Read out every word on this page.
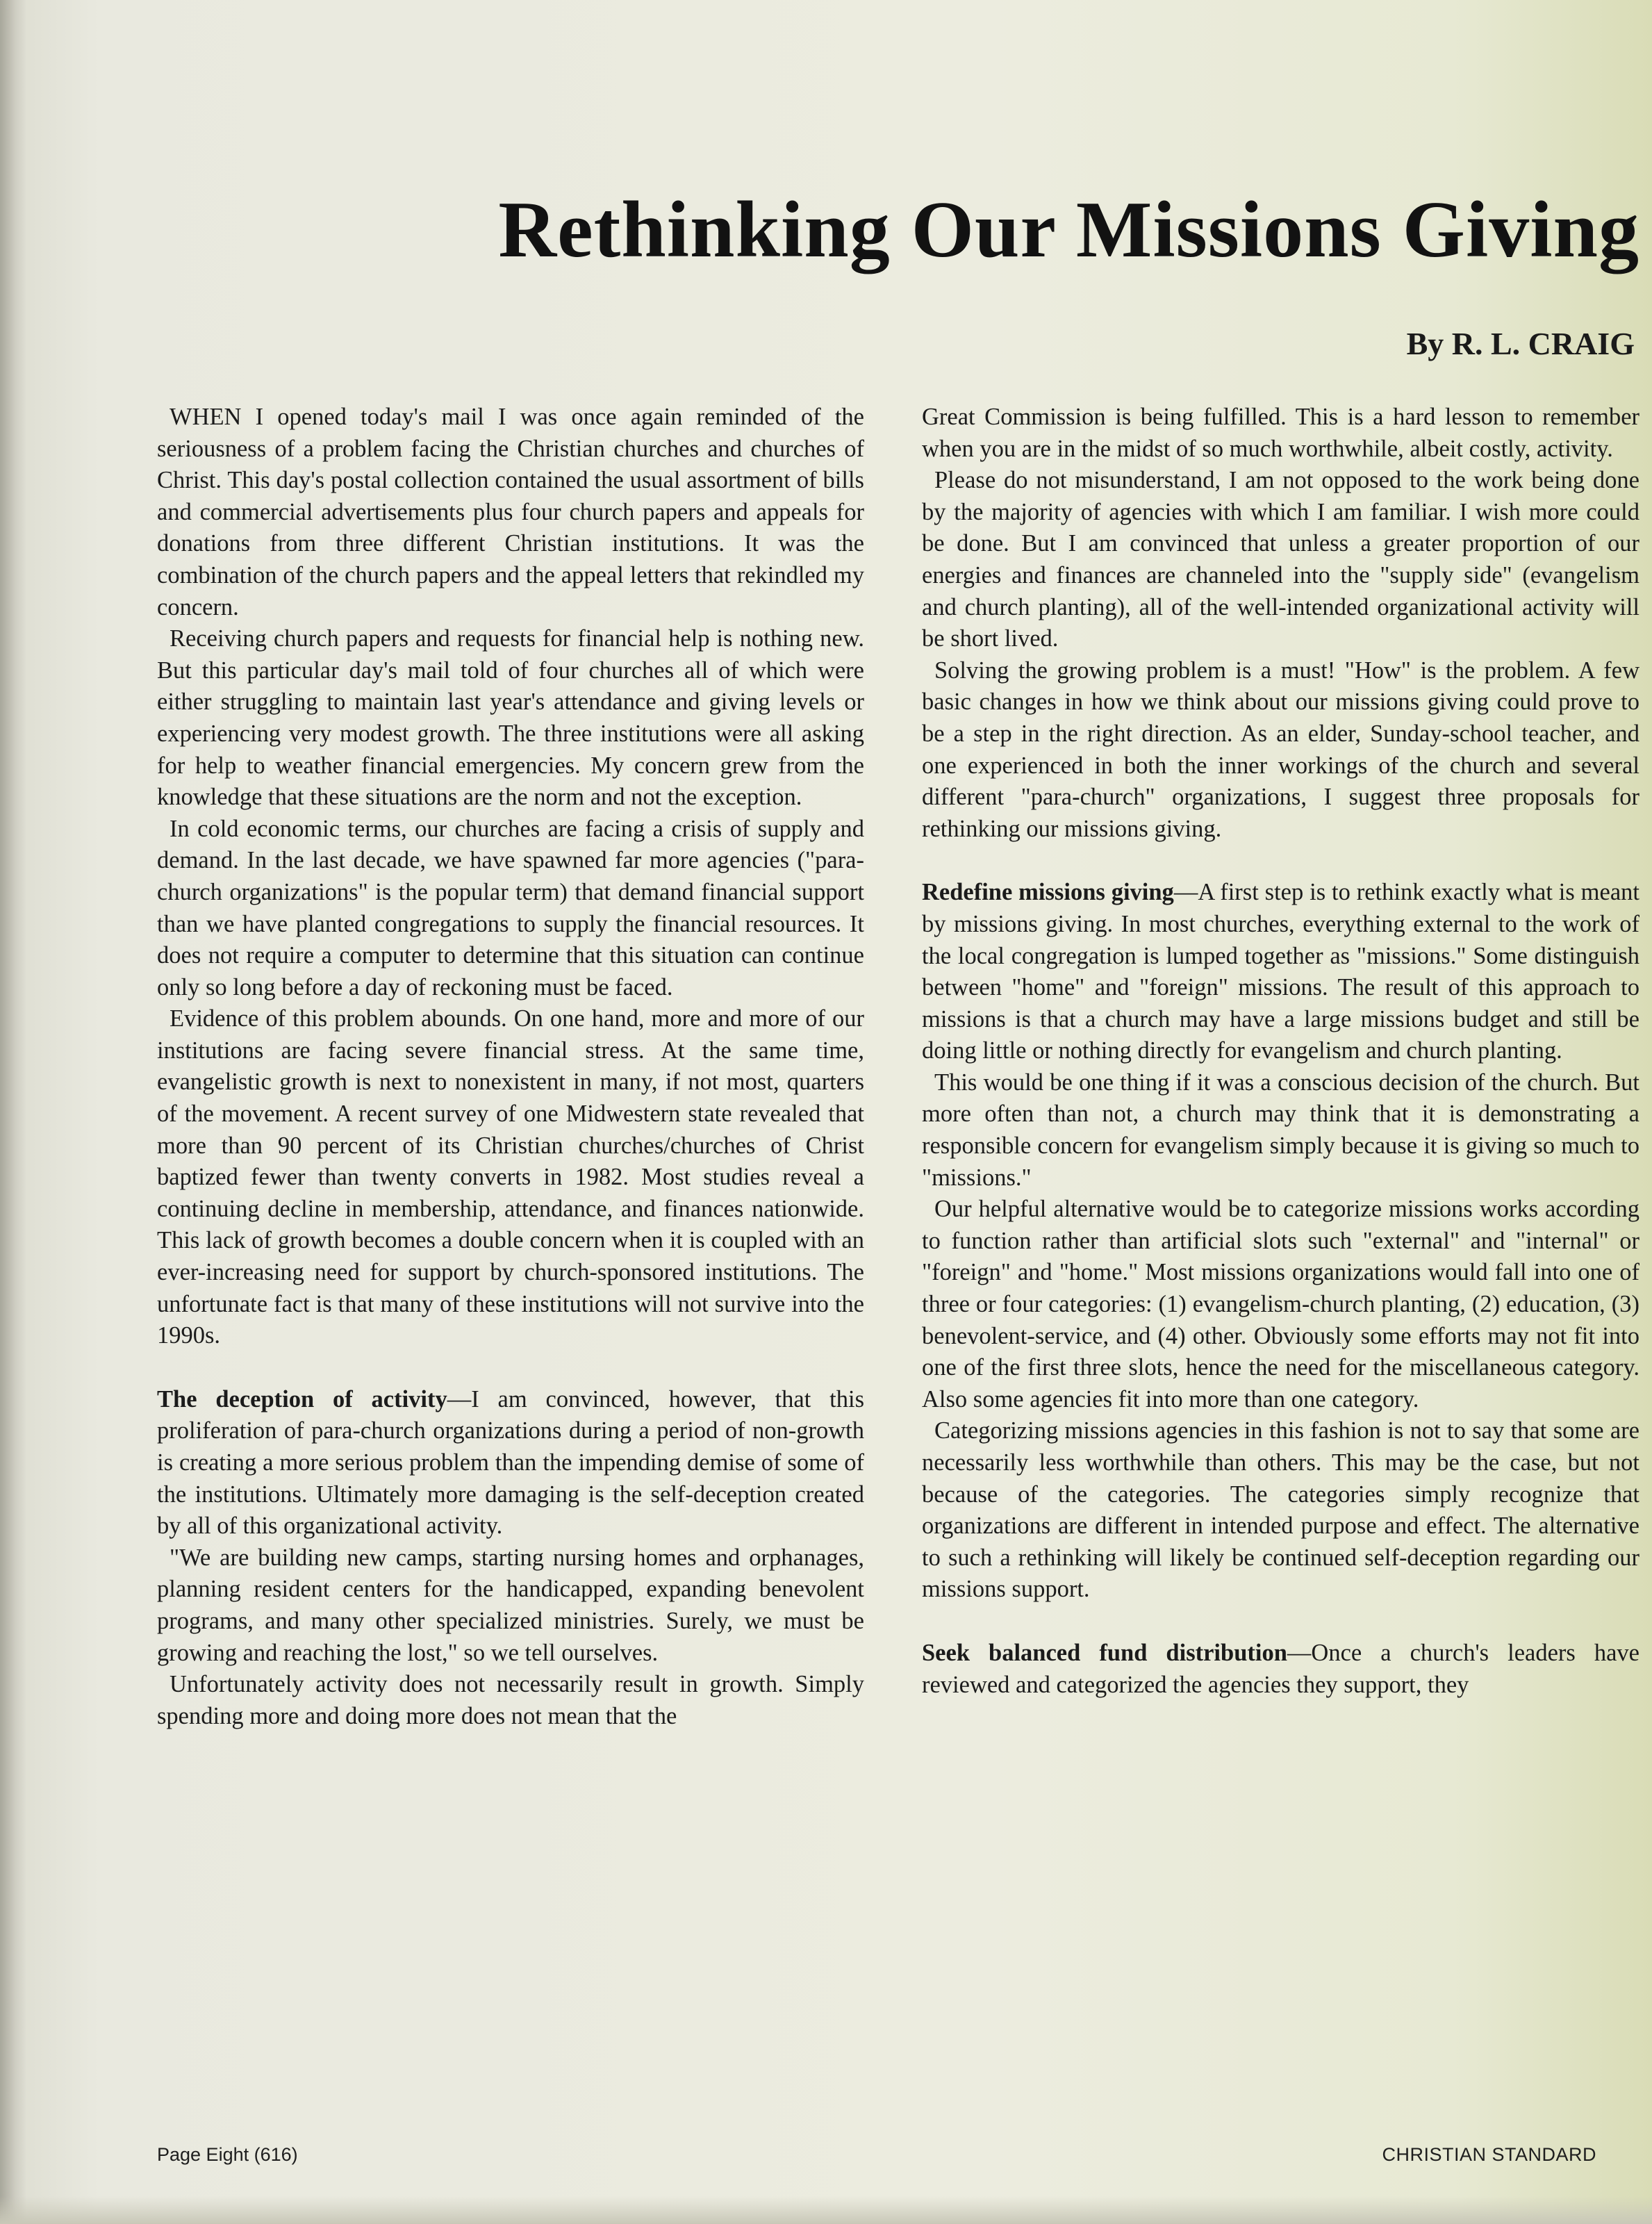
Rethinking Our Missions Giving
By R. L. CRAIG

WHEN I opened today's mail I was once again reminded of the seriousness of a problem facing the Christian churches and churches of Christ. This day's postal collection contained the usual assortment of bills and commercial advertisements plus four church papers and appeals for donations from three different Christian institutions. It was the combination of the church papers and the appeal letters that rekindled my concern.

Receiving church papers and requests for financial help is nothing new. But this particular day's mail told of four churches all of which were either struggling to maintain last year's attendance and giving levels or experiencing very modest growth. The three institutions were all asking for help to weather financial emergencies. My concern grew from the knowledge that these situations are the norm and not the exception.

In cold economic terms, our churches are facing a crisis of supply and demand. In the last decade, we have spawned far more agencies ("para-church organizations" is the popular term) that demand financial support than we have planted congregations to supply the financial resources. It does not require a computer to determine that this situation can continue only so long before a day of reckoning must be faced.

Evidence of this problem abounds. On one hand, more and more of our institutions are facing severe financial stress. At the same time, evangelistic growth is next to nonexistent in many, if not most, quarters of the movement. A recent survey of one Midwestern state revealed that more than 90 percent of its Christian churches/churches of Christ baptized fewer than twenty converts in 1982. Most studies reveal a continuing decline in membership, attendance, and finances nationwide. This lack of growth becomes a double concern when it is coupled with an ever-increasing need for support by church-sponsored institutions. The unfortunate fact is that many of these institutions will not survive into the 1990s.

The deception of activity—I am convinced, however, that this proliferation of para-church organizations during a period of non-growth is creating a more serious problem than the impending demise of some of the institutions. Ultimately more damaging is the self-deception created by all of this organizational activity.

"We are building new camps, starting nursing homes and orphanages, planning resident centers for the handicapped, expanding benevolent programs, and many other specialized ministries. Surely, we must be growing and reaching the lost," so we tell ourselves.

Unfortunately activity does not necessarily result in growth. Simply spending more and doing more does not mean that the

Great Commission is being fulfilled. This is a hard lesson to remember when you are in the midst of so much worthwhile, albeit costly, activity.

Please do not misunderstand, I am not opposed to the work being done by the majority of agencies with which I am familiar. I wish more could be done. But I am convinced that unless a greater proportion of our energies and finances are channeled into the "supply side" (evangelism and church planting), all of the well-intended organizational activity will be short lived.

Solving the growing problem is a must! "How" is the problem. A few basic changes in how we think about our missions giving could prove to be a step in the right direction. As an elder, Sunday-school teacher, and one experienced in both the inner workings of the church and several different "para-church" organizations, I suggest three proposals for rethinking our missions giving.

Redefine missions giving—A first step is to rethink exactly what is meant by missions giving. In most churches, everything external to the work of the local congregation is lumped together as "missions." Some distinguish between "home" and "foreign" missions. The result of this approach to missions is that a church may have a large missions budget and still be doing little or nothing directly for evangelism and church planting.

This would be one thing if it was a conscious decision of the church. But more often than not, a church may think that it is demonstrating a responsible concern for evangelism simply because it is giving so much to "missions."

Our helpful alternative would be to categorize missions works according to function rather than artificial slots such "external" and "internal" or "foreign" and "home." Most missions organizations would fall into one of three or four categories: (1) evangelism-church planting, (2) education, (3) benevolent-service, and (4) other. Obviously some efforts may not fit into one of the first three slots, hence the need for the miscellaneous category. Also some agencies fit into more than one category.

Categorizing missions agencies in this fashion is not to say that some are necessarily less worthwhile than others. This may be the case, but not because of the categories. The categories simply recognize that organizations are different in intended purpose and effect. The alternative to such a rethinking will likely be continued self-deception regarding our missions support.

Seek balanced fund distribution—Once a church's leaders have reviewed and categorized the agencies they support, they

Page Eight (616)	CHRISTIAN STANDARD
